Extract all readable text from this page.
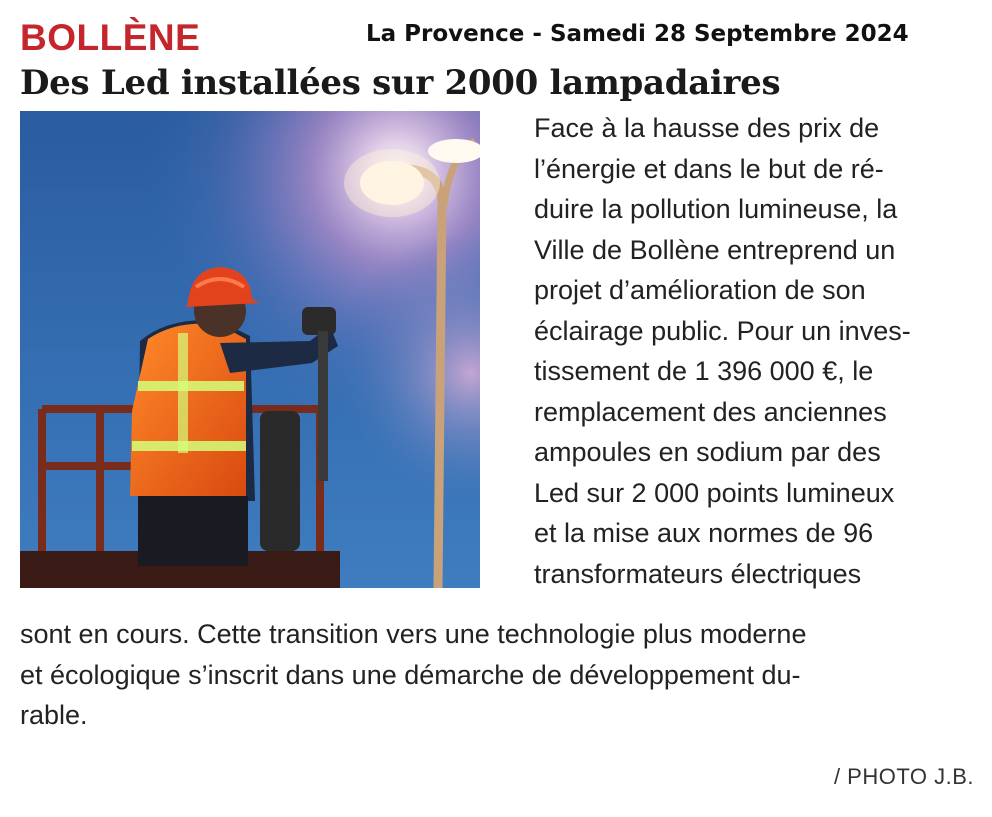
BOLLÈNE	La Provence - Samedi 28 Septembre 2024
Des Led installées sur 2000 lampadaires
Face à la hausse des prix de
l’énergie et dans le but de ré-
duire la pollution lumineuse, la
Ville de Bollène entreprend un
projet d’amélioration de son
éclairage public. Pour un inves-
tissement de 1 396 000 €, le
remplacement des anciennes
ampoules en sodium par des
Led sur 2 000 points lumineux
et la mise aux normes de 96
transformateurs électriques
sont en cours. Cette transition vers une technologie plus moderne
et écologique s’inscrit dans une démarche de développement du-
rable.
/ PHOTO J.B.
